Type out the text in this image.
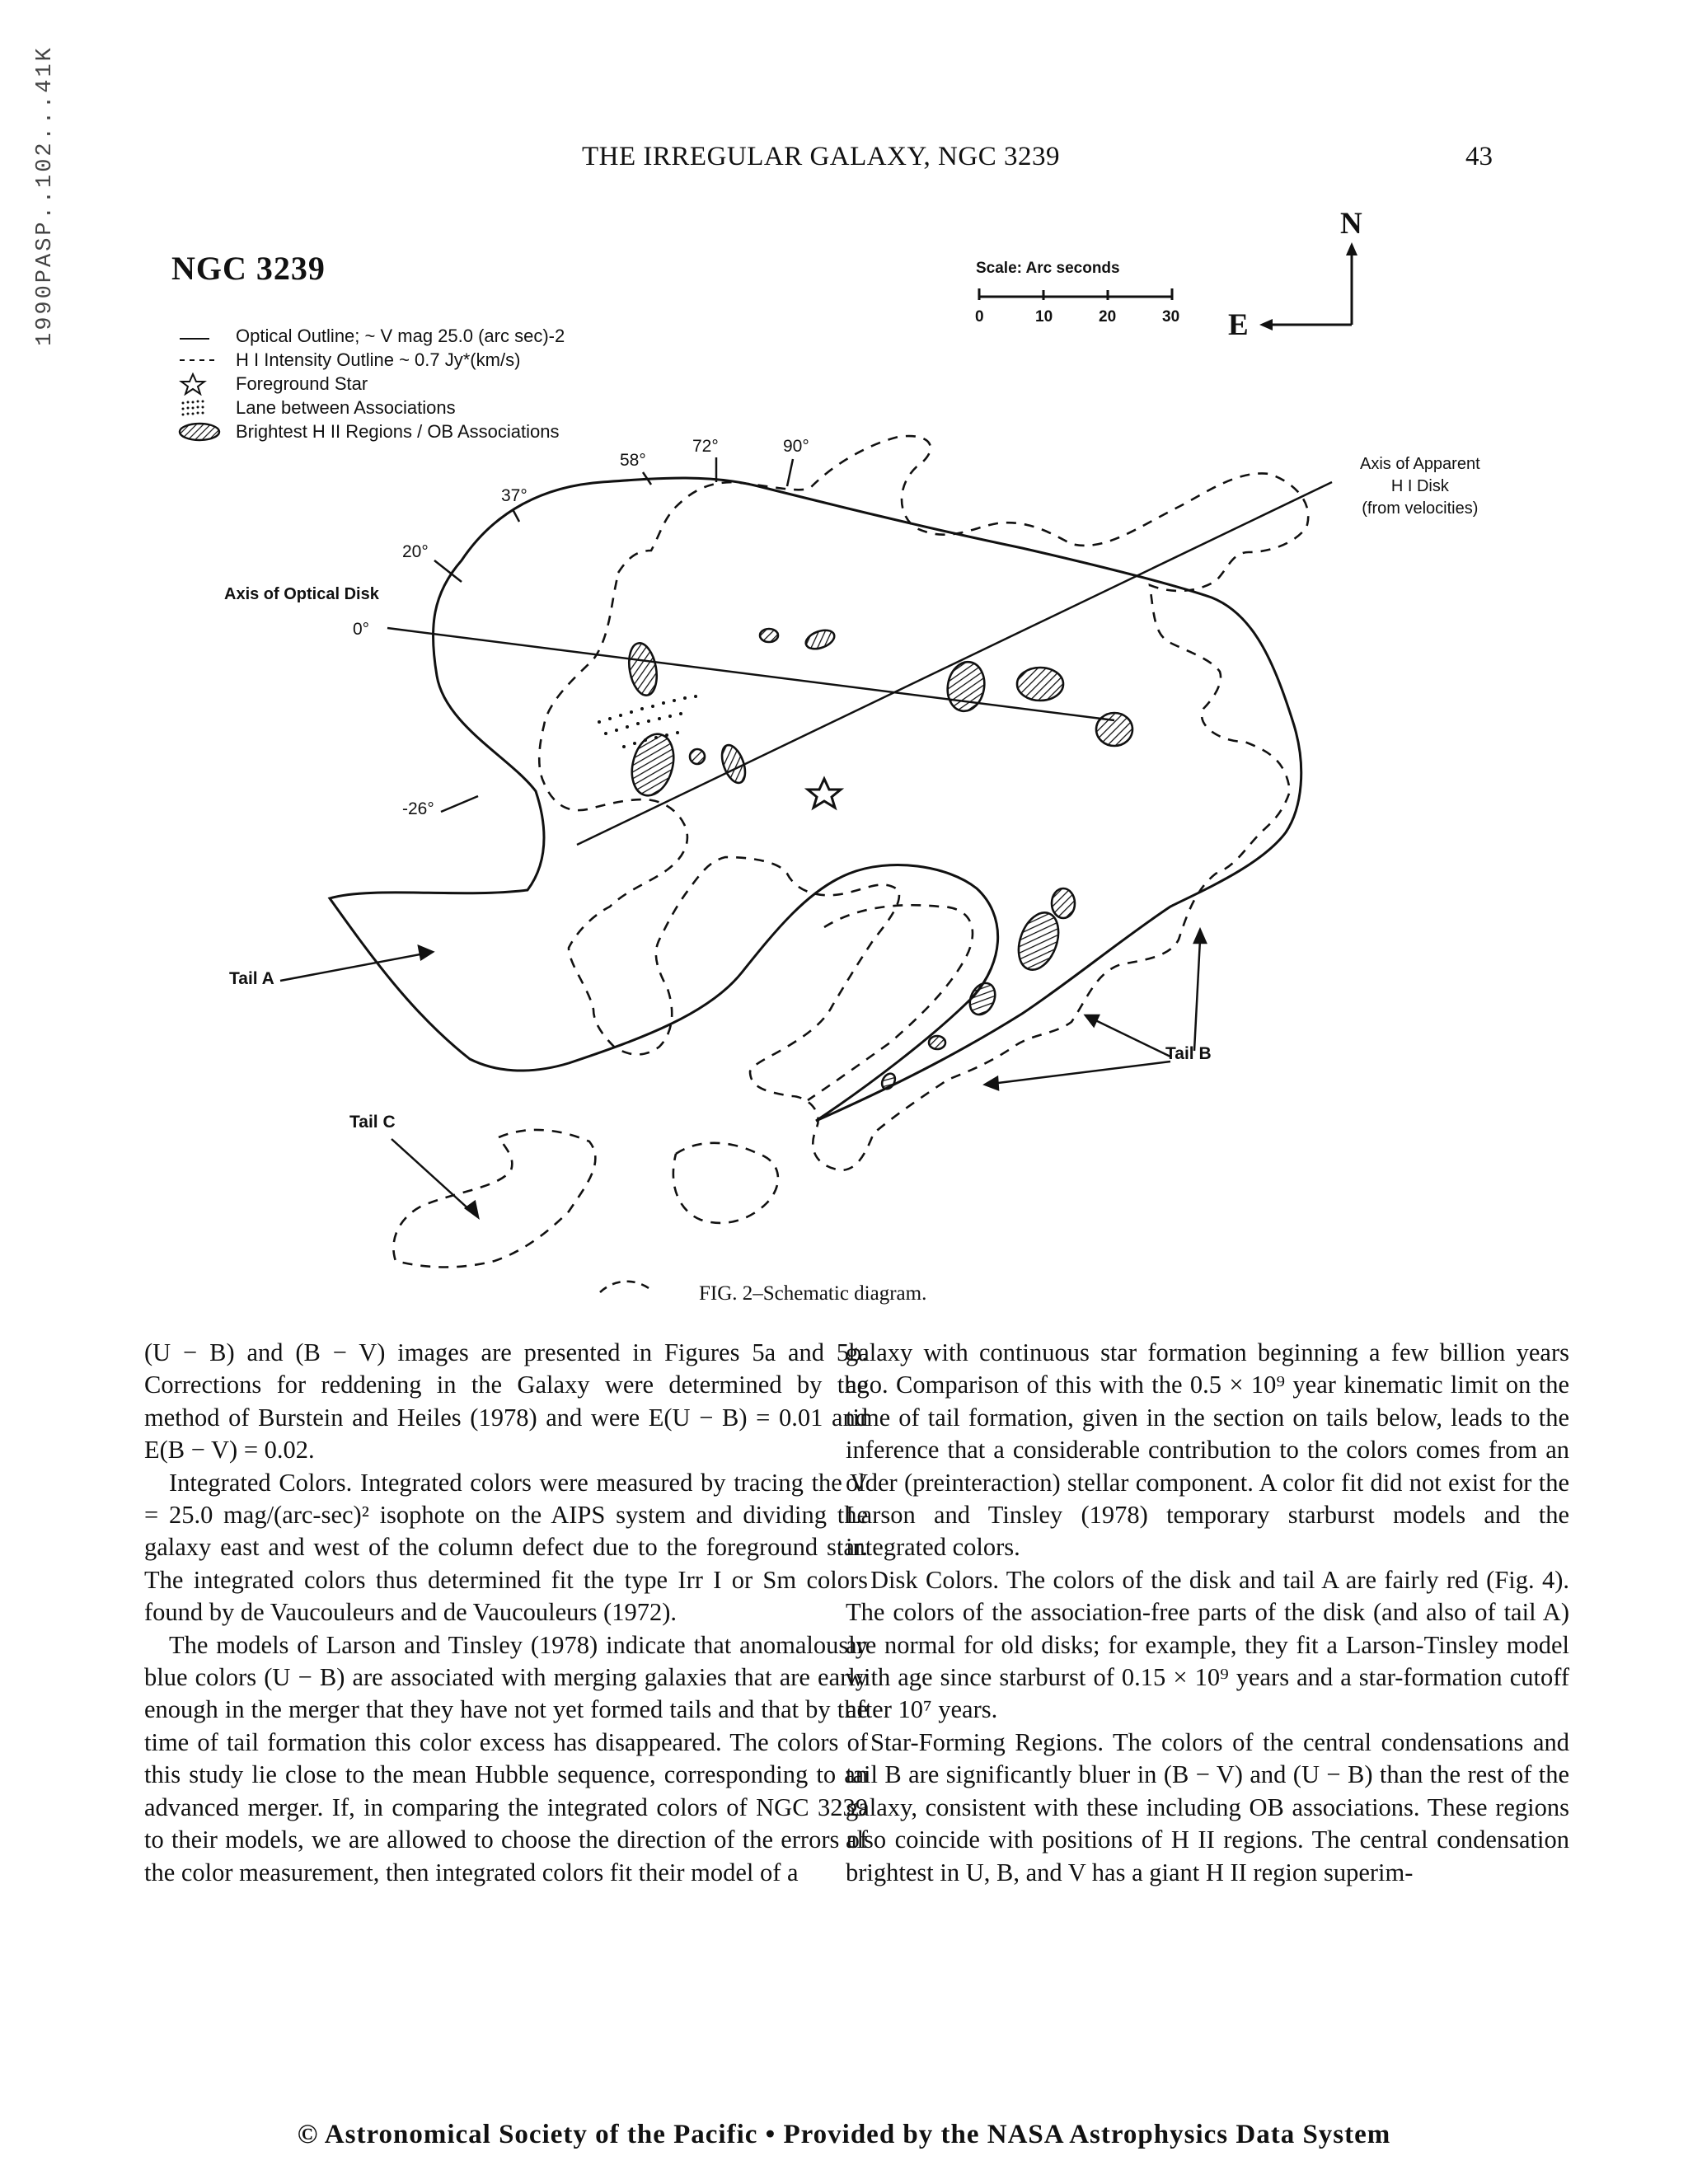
1990PASP..102...41K	THE IRREGULAR GALAXY, NGC 3239	43
NGC 3239
Optical Outline; ~ V mag 25.0 (arc sec)-2
H I Intensity Outline ~ 0.7 Jy*(km/s)
Foreground Star
Lane between Associations
Brightest H II Regions / OB Associations
Scale: Arc seconds
0	10	20	30
N
E
58°
72°	90°
37°
20°
0°
-26°
Axis of Optical Disk
Axis of Apparent
H I Disk
(from velocities)
Tail A
Tail B
Tail C
FIG. 2–Schematic diagram.

(U − B) and (B − V) images are presented in Figures 5a and 5b. Corrections for reddening in the Galaxy were determined by the method of Burstein and Heiles (1978) and were E(U − B) = 0.01 and E(B − V) = 0.02.

Integrated Colors. Integrated colors were measured by tracing the V = 25.0 mag/(arc-sec)² isophote on the AIPS system and dividing the galaxy east and west of the column defect due to the foreground star. The integrated colors thus determined fit the type Irr I or Sm colors found by de Vaucouleurs and de Vaucouleurs (1972).

The models of Larson and Tinsley (1978) indicate that anomalously blue colors (U − B) are associated with merging galaxies that are early enough in the merger that they have not yet formed tails and that by the time of tail formation this color excess has disappeared. The colors of this study lie close to the mean Hubble sequence, corresponding to an advanced merger. If, in comparing the integrated colors of NGC 3239 to their models, we are allowed to choose the direction of the errors of the color measurement, then integrated colors fit their model of a

galaxy with continuous star formation beginning a few billion years ago. Comparison of this with the 0.5 × 10⁹ year kinematic limit on the time of tail formation, given in the section on tails below, leads to the inference that a considerable contribution to the colors comes from an older (preinteraction) stellar component. A color fit did not exist for the Larson and Tinsley (1978) temporary starburst models and the integrated colors.

Disk Colors. The colors of the disk and tail A are fairly red (Fig. 4). The colors of the association-free parts of the disk (and also of tail A) are normal for old disks; for example, they fit a Larson-Tinsley model with age since starburst of 0.15 × 10⁹ years and a star-formation cutoff after 10⁷ years.

Star-Forming Regions. The colors of the central condensations and tail B are significantly bluer in (B − V) and (U − B) than the rest of the galaxy, consistent with these including OB associations. These regions also coincide with positions of H II regions. The central condensation brightest in U, B, and V has a giant H II region superim-

© Astronomical Society of the Pacific • Provided by the NASA Astrophysics Data System
